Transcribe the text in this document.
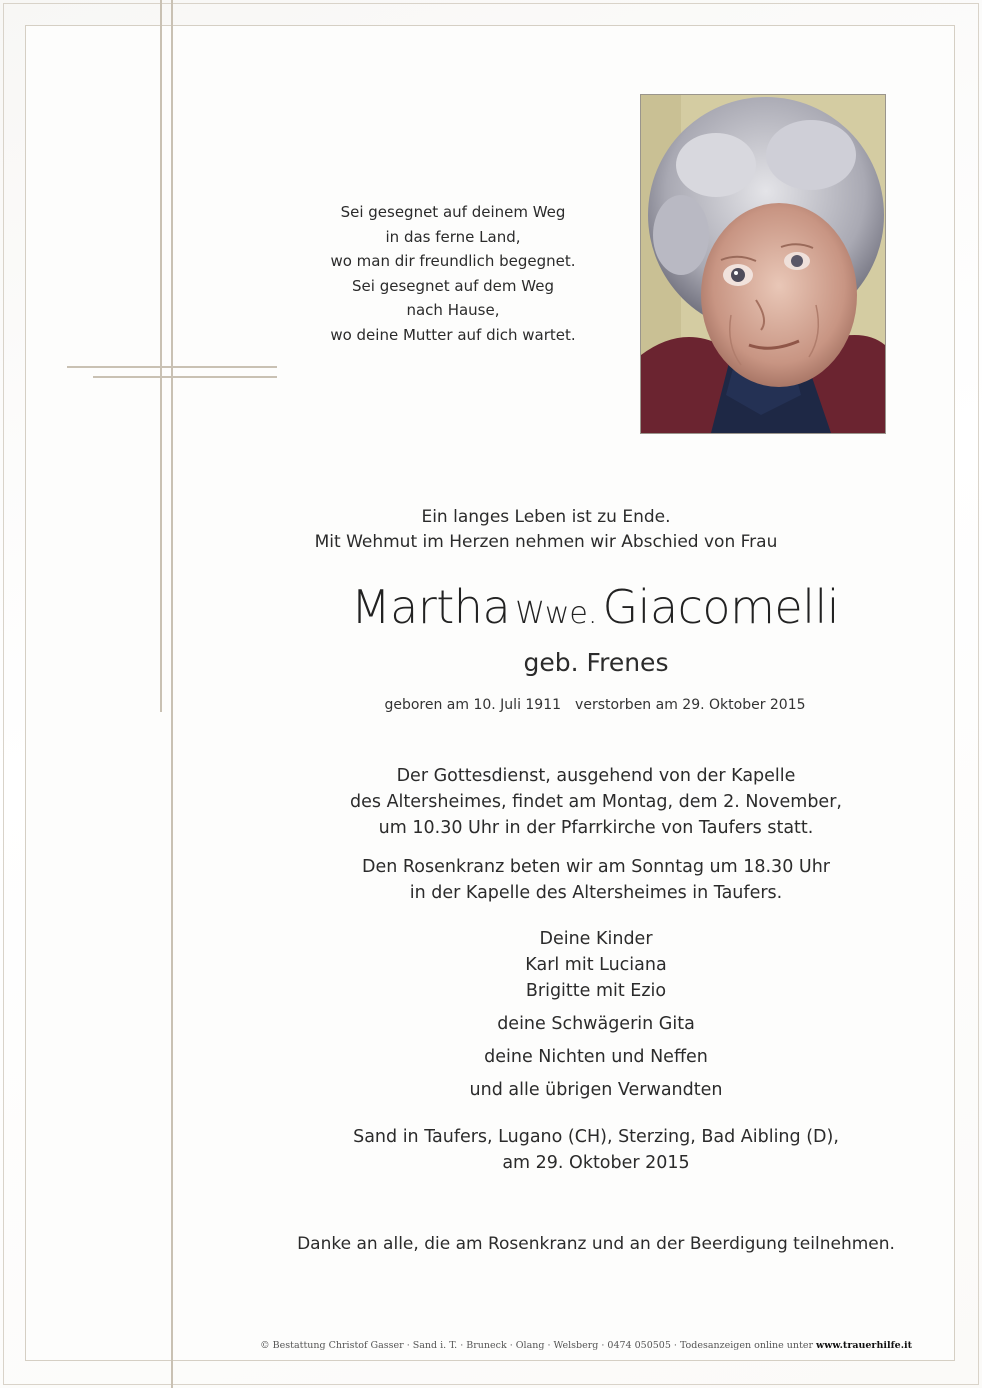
Sei gesegnet auf deinem Weg
in das ferne Land,
wo man dir freundlich begegnet.
Sei gesegnet auf dem Weg
nach Hause,
wo deine Mutter auf dich wartet.
Ein langes Leben ist zu Ende.
Mit Wehmut im Herzen nehmen wir Abschied von Frau
Martha Wwe. Giacomelli
geb. Frenes
geboren am 10. Juli 1911 verstorben am 29. Oktober 2015
Der Gottesdienst, ausgehend von der Kapelle
des Altersheimes, findet am Montag, dem 2. November,
um 10.30 Uhr in der Pfarrkirche von Taufers statt.
Den Rosenkranz beten wir am Sonntag um 18.30 Uhr
in der Kapelle des Altersheimes in Taufers.
Deine Kinder
Karl mit Luciana
Brigitte mit Ezio
deine Schwägerin Gita
deine Nichten und Neffen
und alle übrigen Verwandten
Sand in Taufers, Lugano (CH), Sterzing, Bad Aibling (D),
am 29. Oktober 2015
Danke an alle, die am Rosenkranz und an der Beerdigung teilnehmen.
© Bestattung Christof Gasser · Sand i. T. · Bruneck · Olang · Welsberg · 0474 050505 · Todesanzeigen online unter www.trauerhilfe.it
